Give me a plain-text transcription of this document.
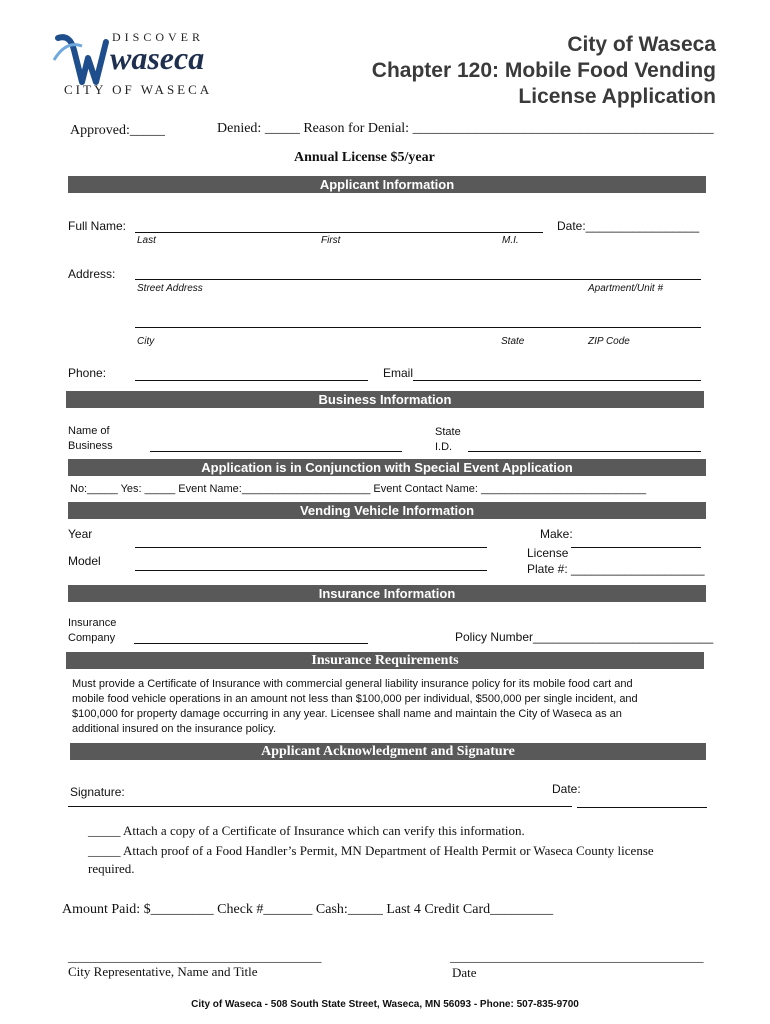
DISCOVER
waseca
CITY OF WASECA
City of Waseca
Chapter 120: Mobile Food Vending
License Application
Approved:_____	Denied: _____ Reason for Denial: ___________________________________________
Annual License $5/year
Applicant Information
Full Name:	Date:_________________
Last	First	M.I.
Address:
Street Address	Apartment/Unit #
City	State	ZIP Code
Phone:	Email
Business Information
Name of
Business
State
I.D.
Application is in Conjunction with Special Event Application
No:_____ Yes: _____ Event Name:_____________________ Event Contact Name: ___________________________
Vending Vehicle Information
Year	Make:
Model
License
Plate #: ____________________
Insurance Information
Insurance
Company	Policy Number___________________________
Insurance Requirements
Must provide a Certificate of Insurance with commercial general liability insurance policy for its mobile food cart and
mobile food vehicle operations in an amount not less than $100,000 per individual, $500,000 per single incident, and
$100,000 for property damage occurring in any year. Licensee shall name and maintain the City of Waseca as an
additional insured on the insurance policy.
Applicant Acknowledgment and Signature
Signature:	Date:
_____ Attach a copy of a Certificate of Insurance which can verify this information.
_____ Attach proof of a Food Handler’s Permit, MN Department of Health Permit or Waseca County license
required.
Amount Paid: $_________ Check #_______ Cash:_____ Last 4 Credit Card_________
_______________________________________
City Representative, Name and Title
_______________________________________
Date
City of Waseca - 508 South State Street, Waseca, MN 56093 - Phone: 507-835-9700
